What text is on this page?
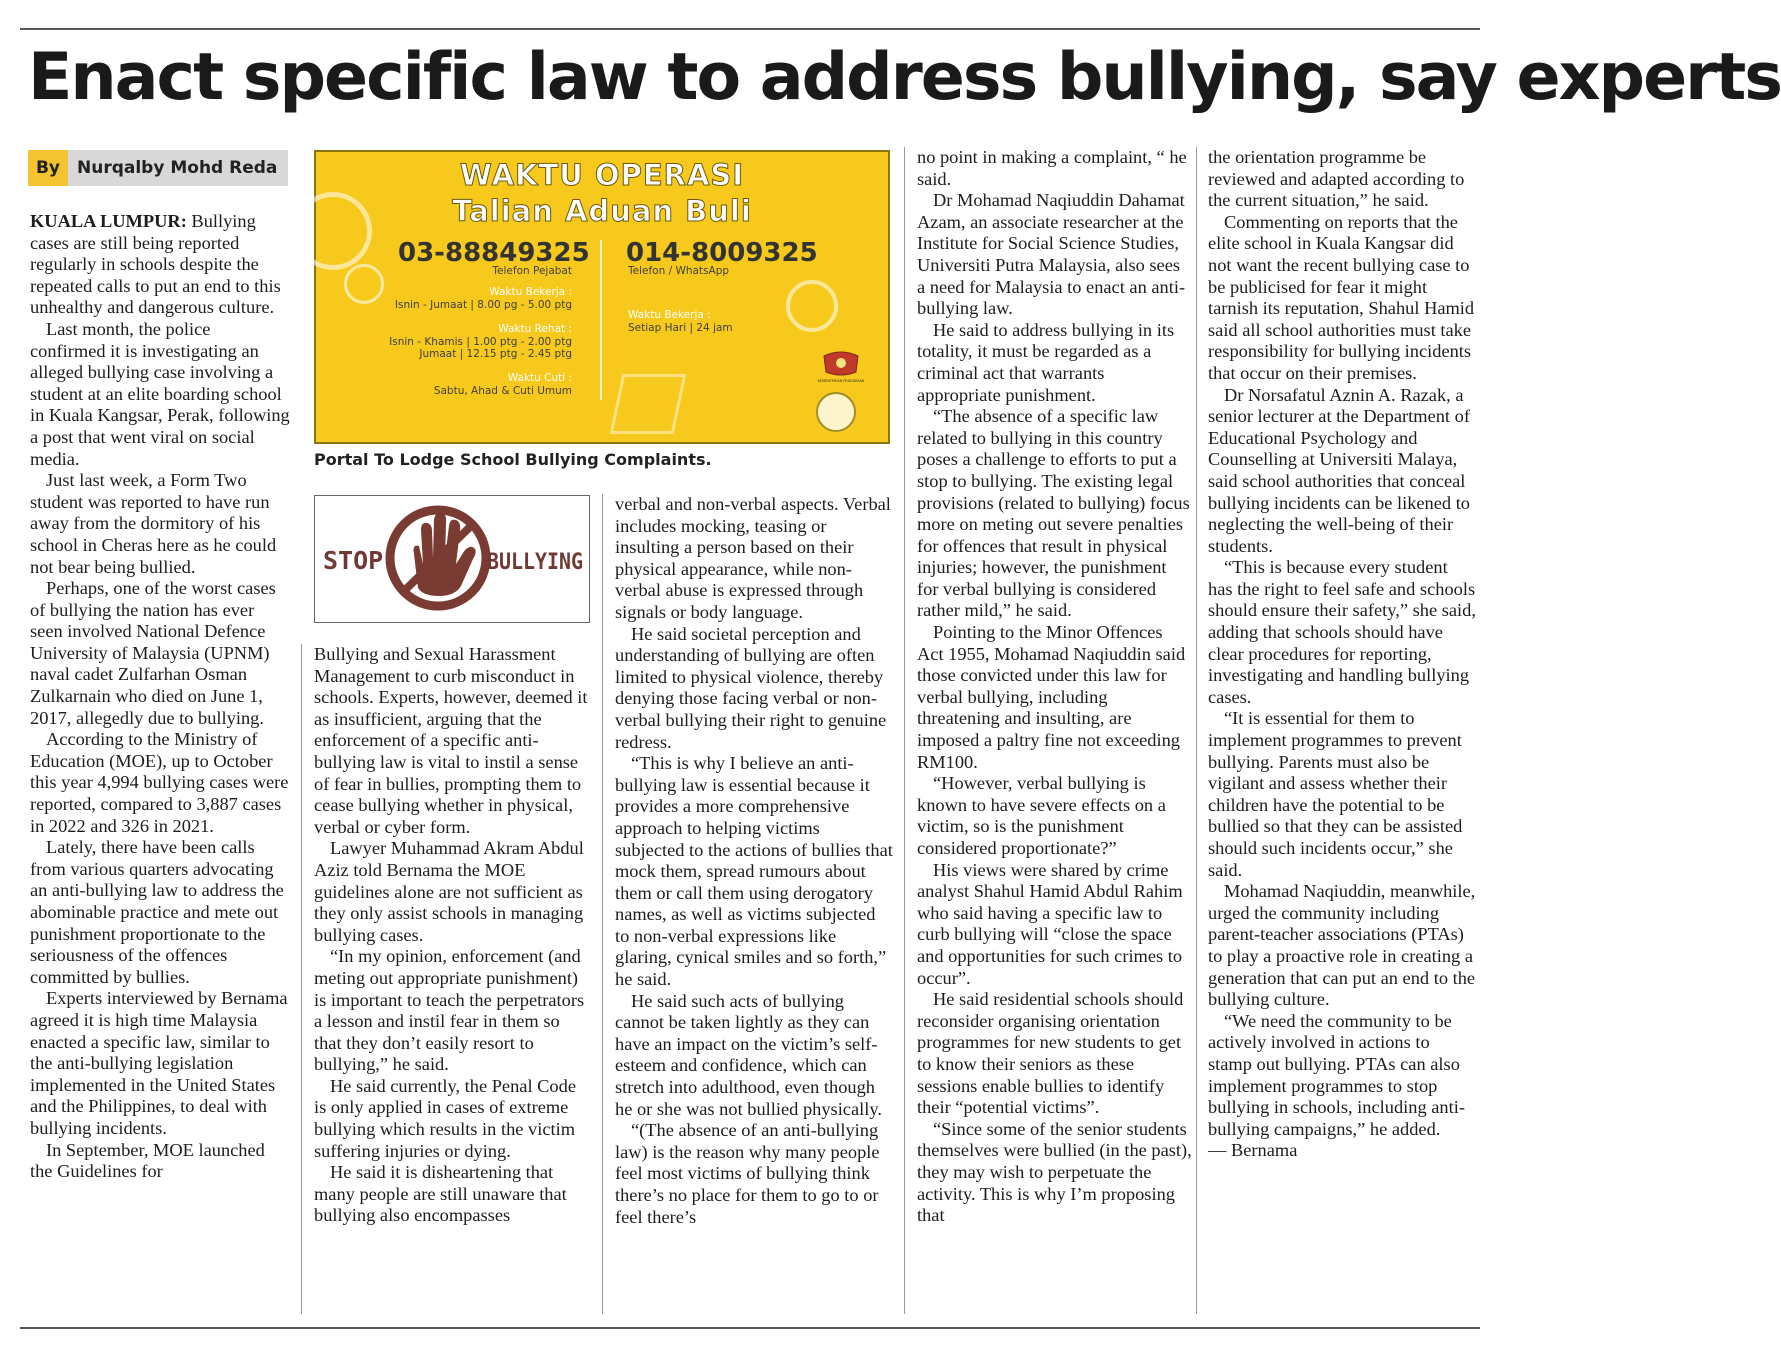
Enact specific law to address bullying, say experts
By Nurqalby Mohd Reda

KUALA LUMPUR: Bullying cases are still being reported regularly in schools despite the repeated calls to put an end to this unhealthy and dangerous culture.

Last month, the police confirmed it is investigating an alleged bullying case involving a student at an elite boarding school in Kuala Kangsar, Perak, following a post that went viral on social media.

Just last week, a Form Two student was reported to have run away from the dormitory of his school in Cheras here as he could not bear being bullied.

Perhaps, one of the worst cases of bullying the nation has ever seen involved National Defence University of Malaysia (UPNM) naval cadet Zulfarhan Osman Zulkarnain who died on June 1, 2017, allegedly due to bullying.

According to the Ministry of Education (MOE), up to October this year 4,994 bullying cases were reported, compared to 3,887 cases in 2022 and 326 in 2021.

Lately, there have been calls from various quarters advocating an anti-bullying law to address the abominable practice and mete out punishment proportionate to the seriousness of the offences committed by bullies.

Experts interviewed by Bernama agreed it is high time Malaysia enacted a specific law, similar to the anti-bullying legislation implemented in the United States and the Philippines, to deal with bullying incidents.

In September, MOE launched the Guidelines for

WAKTU OPERASI
Talian Aduan Buli
03-88849325 014-8009325
Telefon Pejabat
Waktu Bekerja :
Isnin - Jumaat | 8.00 pg - 5.00 ptg
Waktu Rehat :
Isnin - Khamis | 1.00 ptg - 2.00 ptg
Jumaat | 12.15 ptg - 2.45 ptg
Waktu Cuti :
Sabtu, Ahad & Cuti Umum
Telefon / WhatsApp
Waktu Bekerja :
Setiap Hari | 24 jam
KEMENTERIAN PENDIDIKAN
Portal To Lodge School Bullying Complaints.
STOP	BULLYING

Bullying and Sexual Harassment Management to curb misconduct in schools. Experts, however, deemed it as insufficient, arguing that the enforcement of a specific anti-bullying law is vital to instil a sense of fear in bullies, prompting them to cease bullying whether in physical, verbal or cyber form.

Lawyer Muhammad Akram Abdul Aziz told Bernama the MOE guidelines alone are not sufficient as they only assist schools in managing bullying cases.

“In my opinion, enforcement (and meting out appropriate punishment) is important to teach the perpetrators a lesson and instil fear in them so that they don’t easily resort to bullying,” he said.

He said currently, the Penal Code is only applied in cases of extreme bullying which results in the victim suffering injuries or dying.

He said it is disheartening that many people are still unaware that bullying also encompasses

verbal and non-verbal aspects. Verbal includes mocking, teasing or insulting a person based on their physical appearance, while non-verbal abuse is expressed through signals or body language.

He said societal perception and understanding of bullying are often limited to physical violence, thereby denying those facing verbal or non-verbal bullying their right to genuine redress.

“This is why I believe an anti-bullying law is essential because it provides a more comprehensive approach to helping victims subjected to the actions of bullies that mock them, spread rumours about them or call them using derogatory names, as well as victims subjected to non-verbal expressions like glaring, cynical smiles and so forth,” he said.

He said such acts of bullying cannot be taken lightly as they can have an impact on the victim’s self-esteem and confidence, which can stretch into adulthood, even though he or she was not bullied physically.

“(The absence of an anti-bullying law) is the reason why many people feel most victims of bullying think there’s no place for them to go to or feel there’s

no point in making a complaint, “ he said.

Dr Mohamad Naqiuddin Dahamat Azam, an associate researcher at the Institute for Social Science Studies, Universiti Putra Malaysia, also sees a need for Malaysia to enact an anti-bullying law.

He said to address bullying in its totality, it must be regarded as a criminal act that warrants appropriate punishment.

“The absence of a specific law related to bullying in this country poses a challenge to efforts to put a stop to bullying. The existing legal provisions (related to bullying) focus more on meting out severe penalties for offences that result in physical injuries; however, the punishment for verbal bullying is considered rather mild,” he said.

Pointing to the Minor Offences Act 1955, Mohamad Naqiuddin said those convicted under this law for verbal bullying, including threatening and insulting, are imposed a paltry fine not exceeding RM100.

“However, verbal bullying is known to have severe effects on a victim, so is the punishment considered proportionate?”

His views were shared by crime analyst Shahul Hamid Abdul Rahim who said having a specific law to curb bullying will “close the space and opportunities for such crimes to occur”.

He said residential schools should reconsider organising orientation programmes for new students to get to know their seniors as these sessions enable bullies to identify their “potential victims”.

“Since some of the senior students themselves were bullied (in the past), they may wish to perpetuate the activity. This is why I’m proposing that

the orientation programme be reviewed and adapted according to the current situation,” he said.

Commenting on reports that the elite school in Kuala Kangsar did not want the recent bullying case to be publicised for fear it might tarnish its reputation, Shahul Hamid said all school authorities must take responsibility for bullying incidents that occur on their premises.

Dr Norsafatul Aznin A. Razak, a senior lecturer at the Department of Educational Psychology and Counselling at Universiti Malaya, said school authorities that conceal bullying incidents can be likened to neglecting the well-being of their students.

“This is because every student has the right to feel safe and schools should ensure their safety,” she said, adding that schools should have clear procedures for reporting, investigating and handling bullying cases.

“It is essential for them to implement programmes to prevent bullying. Parents must also be vigilant and assess whether their children have the potential to be bullied so that they can be assisted should such incidents occur,” she said.

Mohamad Naqiuddin, meanwhile, urged the community including parent-teacher associations (PTAs) to play a proactive role in creating a generation that can put an end to the bullying culture.

“We need the community to be actively involved in actions to stamp out bullying. PTAs can also implement programmes to stop bullying in schools, including anti-bullying campaigns,” he added.

— Bernama
